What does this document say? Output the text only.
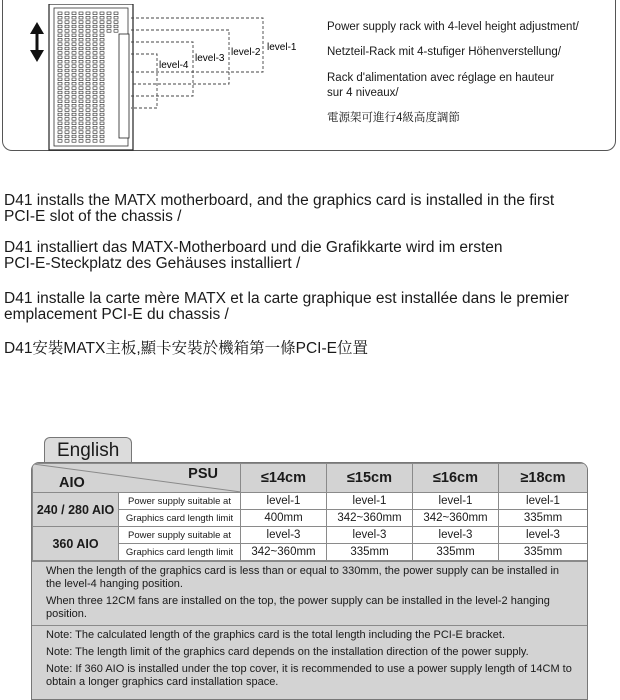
level-1
level-2
level-3
level-4
Power supply rack with 4-level height adjustment/
Netzteil-Rack mit 4-stufiger Höhenverstellung/
Rack d'alimentation avec réglage en hauteur
sur 4 niveaux/
電源架可進行4級高度調節
D41 installs the MATX motherboard, and the graphics card is installed in the first
PCI-E slot of the chassis /
D41 installiert das MATX-Motherboard und die Grafikkarte wird im ersten
PCI-E-Steckplatz des Gehäuses installiert /
D41 installe la carte mère MATX et la carte graphique est installée dans le premier
emplacement PCI-E du chassis /
D41安裝MATX主板,顯卡安裝於機箱第一條PCI-E位置
English
PSU
AIO		≤14cm	≤15cm	≤16cm	≥18cm
240 / 280 AIO	Power supply suitable at	level-1	level-1	level-1	level-1
	Graphics card length limit	400mm	342~360mm	342~360mm	335mm
360 AIO	Power supply suitable at	level-3	level-3	level-3	level-3
	Graphics card length limit	342~360mm	335mm	335mm	335mm

When the length of the graphics card is less than or equal to 330mm, the power supply can be installed in the level-4 hanging position.

When three 12CM fans are installed on the top, the power supply can be installed in the level-2 hanging position.

Note: The calculated length of the graphics card is the total length including the PCI-E bracket.

Note: The length limit of the graphics card depends on the installation direction of the power supply.

Note: If 360 AIO is installed under the top cover, it is recommended to use a power supply length of 14CM to obtain a longer graphics card installation space.
